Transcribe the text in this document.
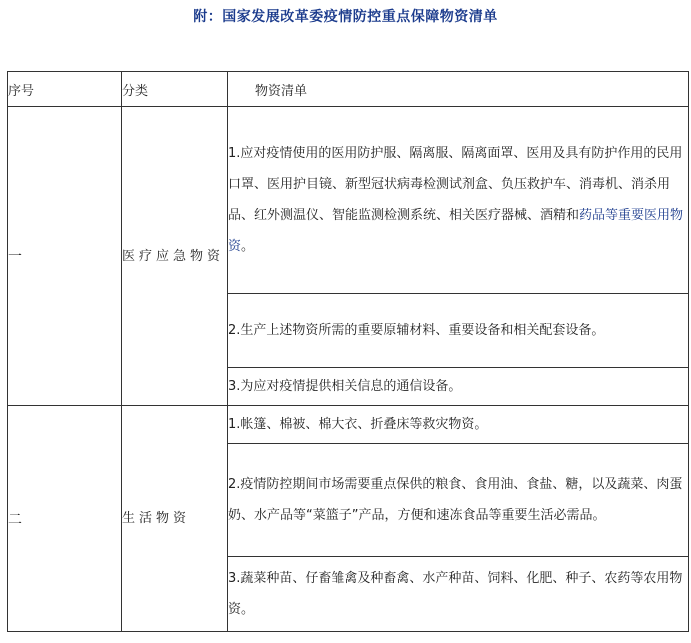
附：国家发展改革委疫情防控重点保障物资清单
序号	分类	物资清单
一	医疗应急物资	1.应对疫情使用的医用防护服、隔离服、隔离面罩、医用及具有防护作用的民用口罩、医用护目镜、新型冠状病毒检测试剂盒、负压救护车、消毒机、消杀用品、红外测温仪、智能监测检测系统、相关医疗器械、酒精和药品等重要医用物资。
		2.生产上述物资所需的重要原辅材料、重要设备和相关配套设备。
		3.为应对疫情提供相关信息的通信设备。
二	生活物资	1.帐篷、棉被、棉大衣、折叠床等救灾物资。
		2.疫情防控期间市场需要重点保供的粮食、食用油、食盐、糖，以及蔬菜、肉蛋奶、水产品等“菜篮子”产品，方便和速冻食品等重要生活必需品。
		3.蔬菜种苗、仔畜雏禽及种畜禽、水产种苗、饲料、化肥、种子、农药等农用物资。
